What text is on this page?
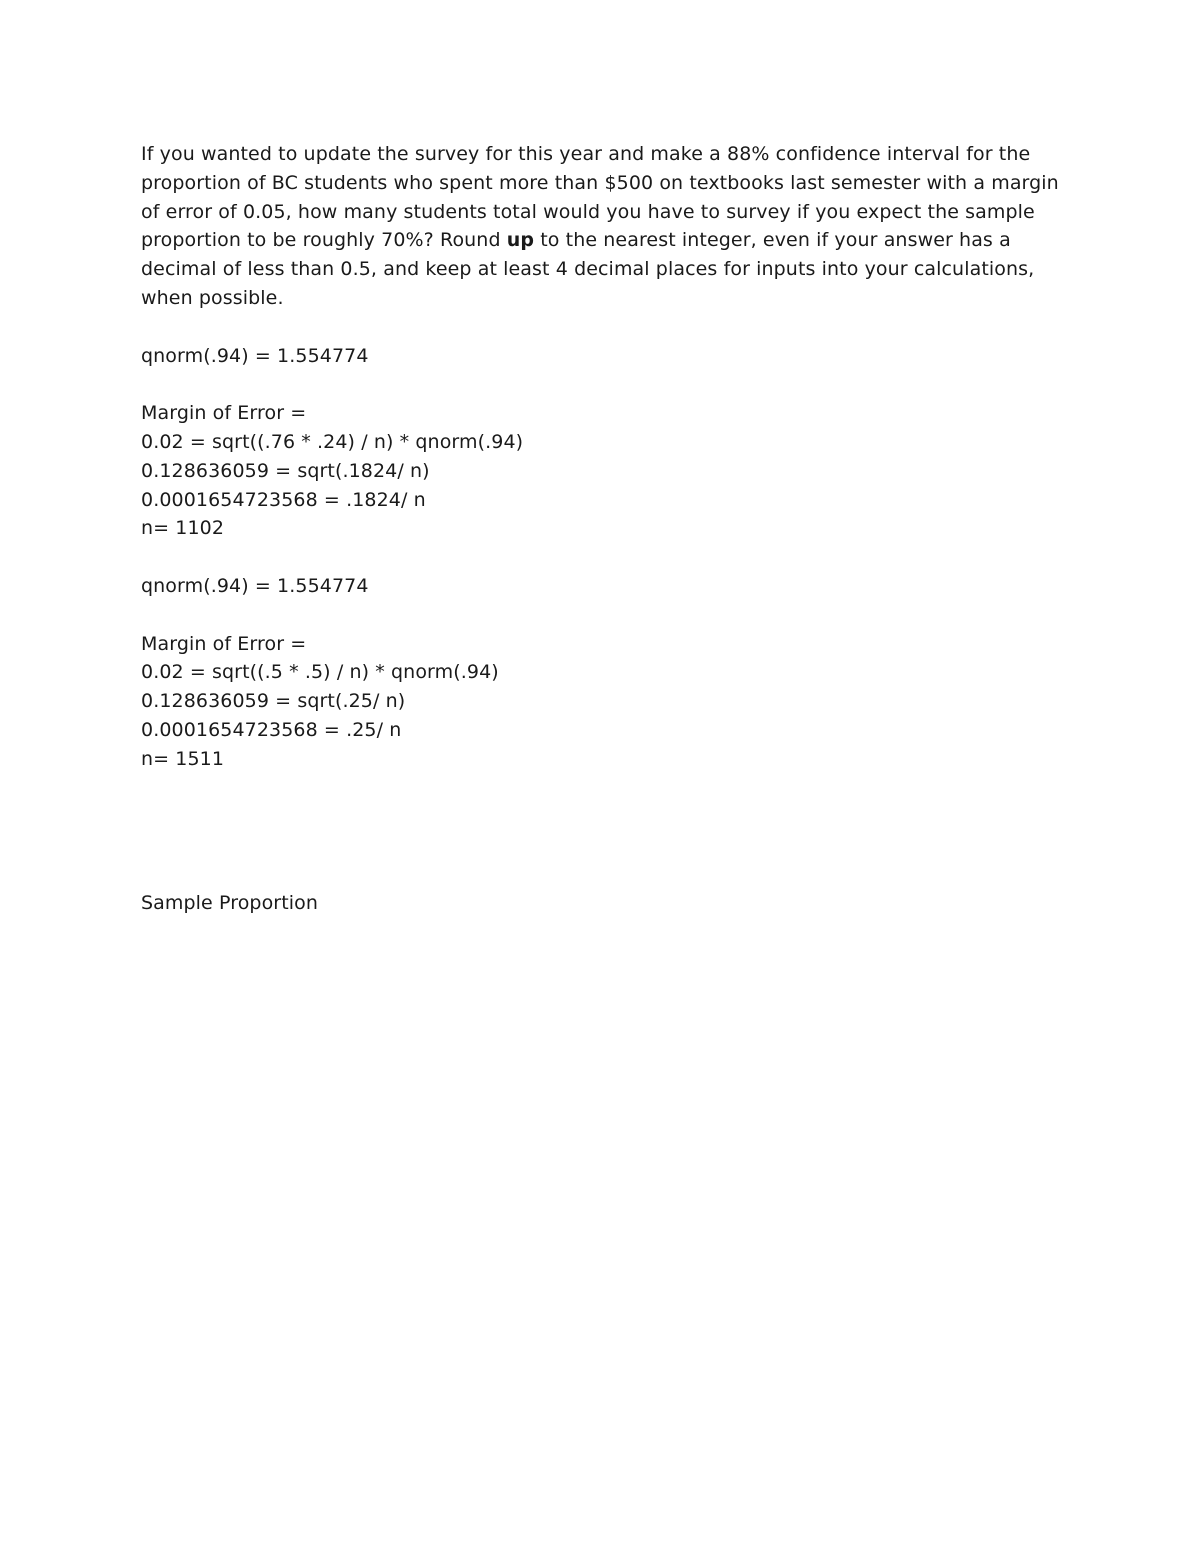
If you wanted to update the survey for this year and make a 88% confidence interval for the proportion of BC students who spent more than $500 on textbooks last semester with a margin of error of 0.05, how many students total would you have to survey if you expect the sample proportion to be roughly 70%? Round up to the nearest integer, even if your answer has a decimal of less than 0.5, and keep at least 4 decimal places for inputs into your calculations, when possible.

qnorm(.94) = 1.554774
Margin of Error =
0.02 = sqrt((.76 * .24) / n) * qnorm(.94)
0.128636059 = sqrt(.1824/ n)
0.0001654723568 = .1824/ n
n= 1102
qnorm(.94) = 1.554774
Margin of Error =
0.02 = sqrt((.5 * .5) / n) * qnorm(.94)
0.128636059 = sqrt(.25/ n)
0.0001654723568 = .25/ n
n= 1511
Sample Proportion
